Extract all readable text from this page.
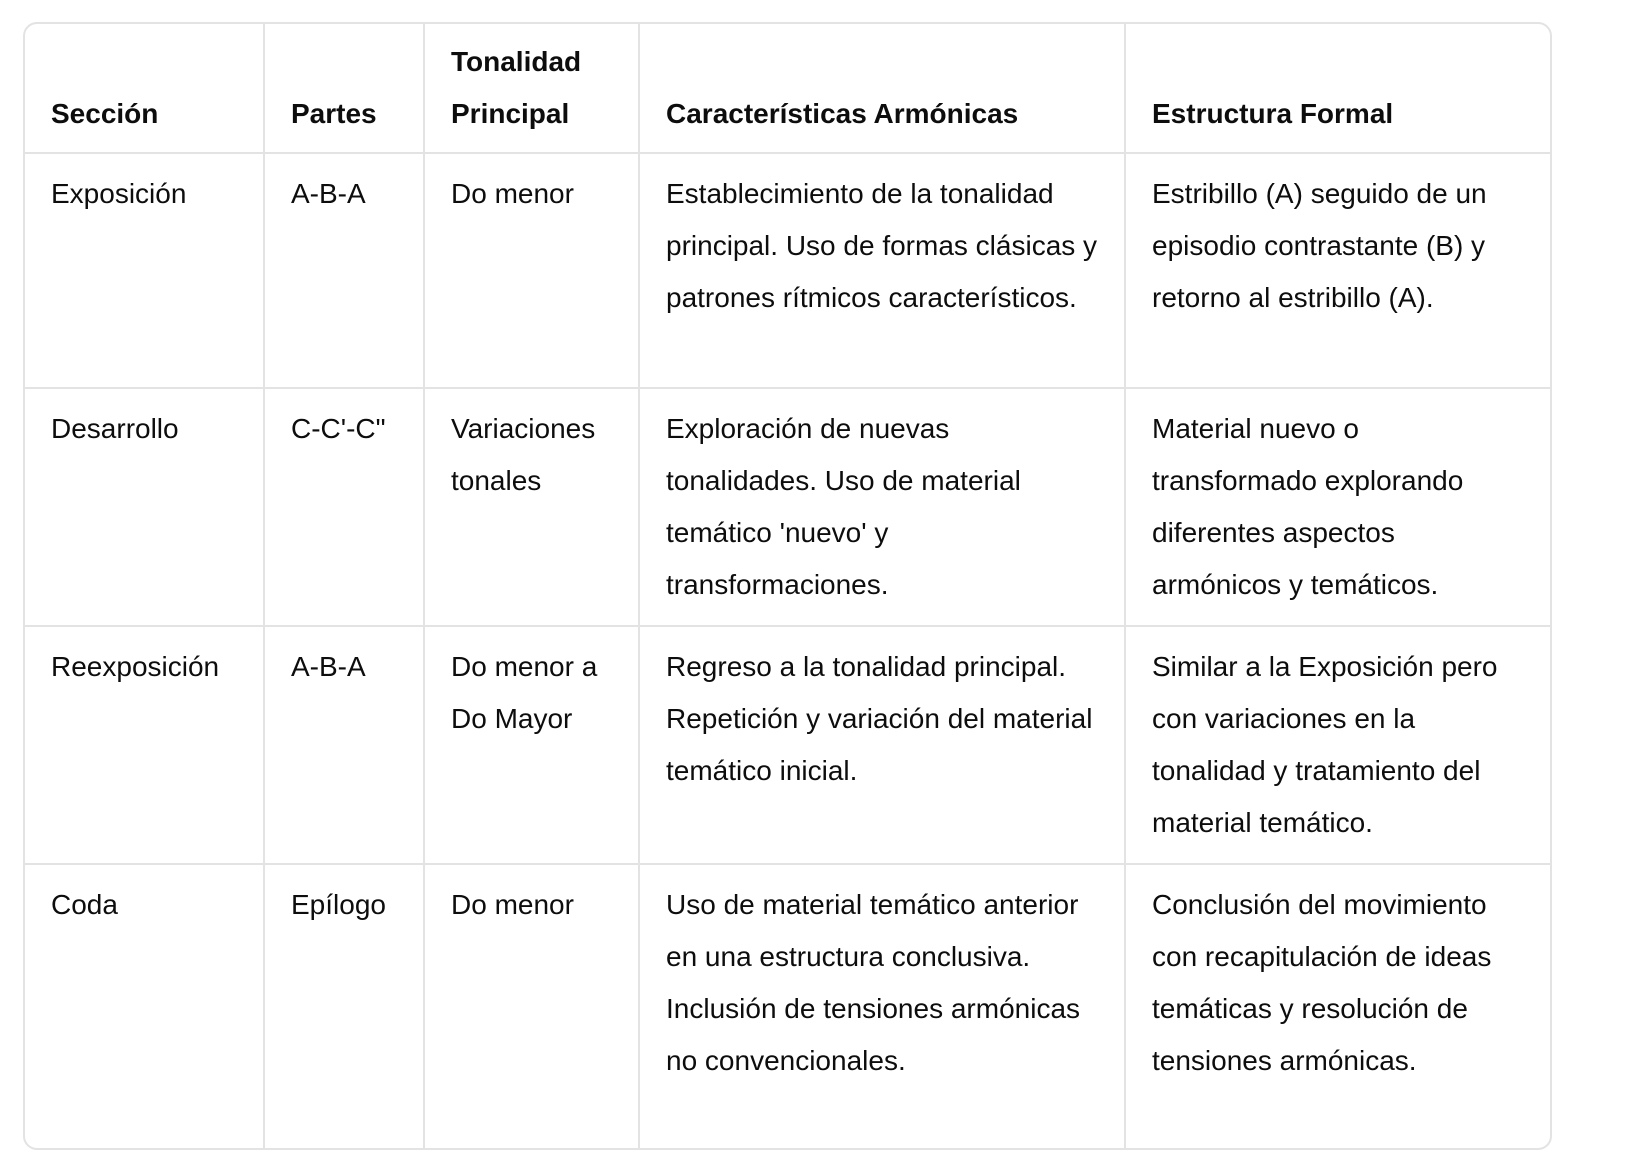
Sección	Partes	Tonalidad Principal	Características Armónicas	Estructura Formal
Exposición	A-B-A	Do menor	Establecimiento de la tonalidad principal. Uso de formas clásicas y patrones rítmicos característicos.	Estribillo (A) seguido de un episodio contrastante (B) y retorno al estribillo (A).
Desarrollo	C-C'-C"	Variaciones tonales	Exploración de nuevas tonalidades. Uso de material temático 'nuevo' y transformaciones.	Material nuevo o transformado explorando diferentes aspectos armónicos y temáticos.
Reexposición	A-B-A	Do menor a Do Mayor	Regreso a la tonalidad principal. Repetición y variación del material temático inicial.	Similar a la Exposición pero con variaciones en la tonalidad y tratamiento del material temático.
Coda	Epílogo	Do menor	Uso de material temático anterior en una estructura conclusiva. Inclusión de tensiones armónicas no convencionales.	Conclusión del movimiento con recapitulación de ideas temáticas y resolución de tensiones armónicas.
